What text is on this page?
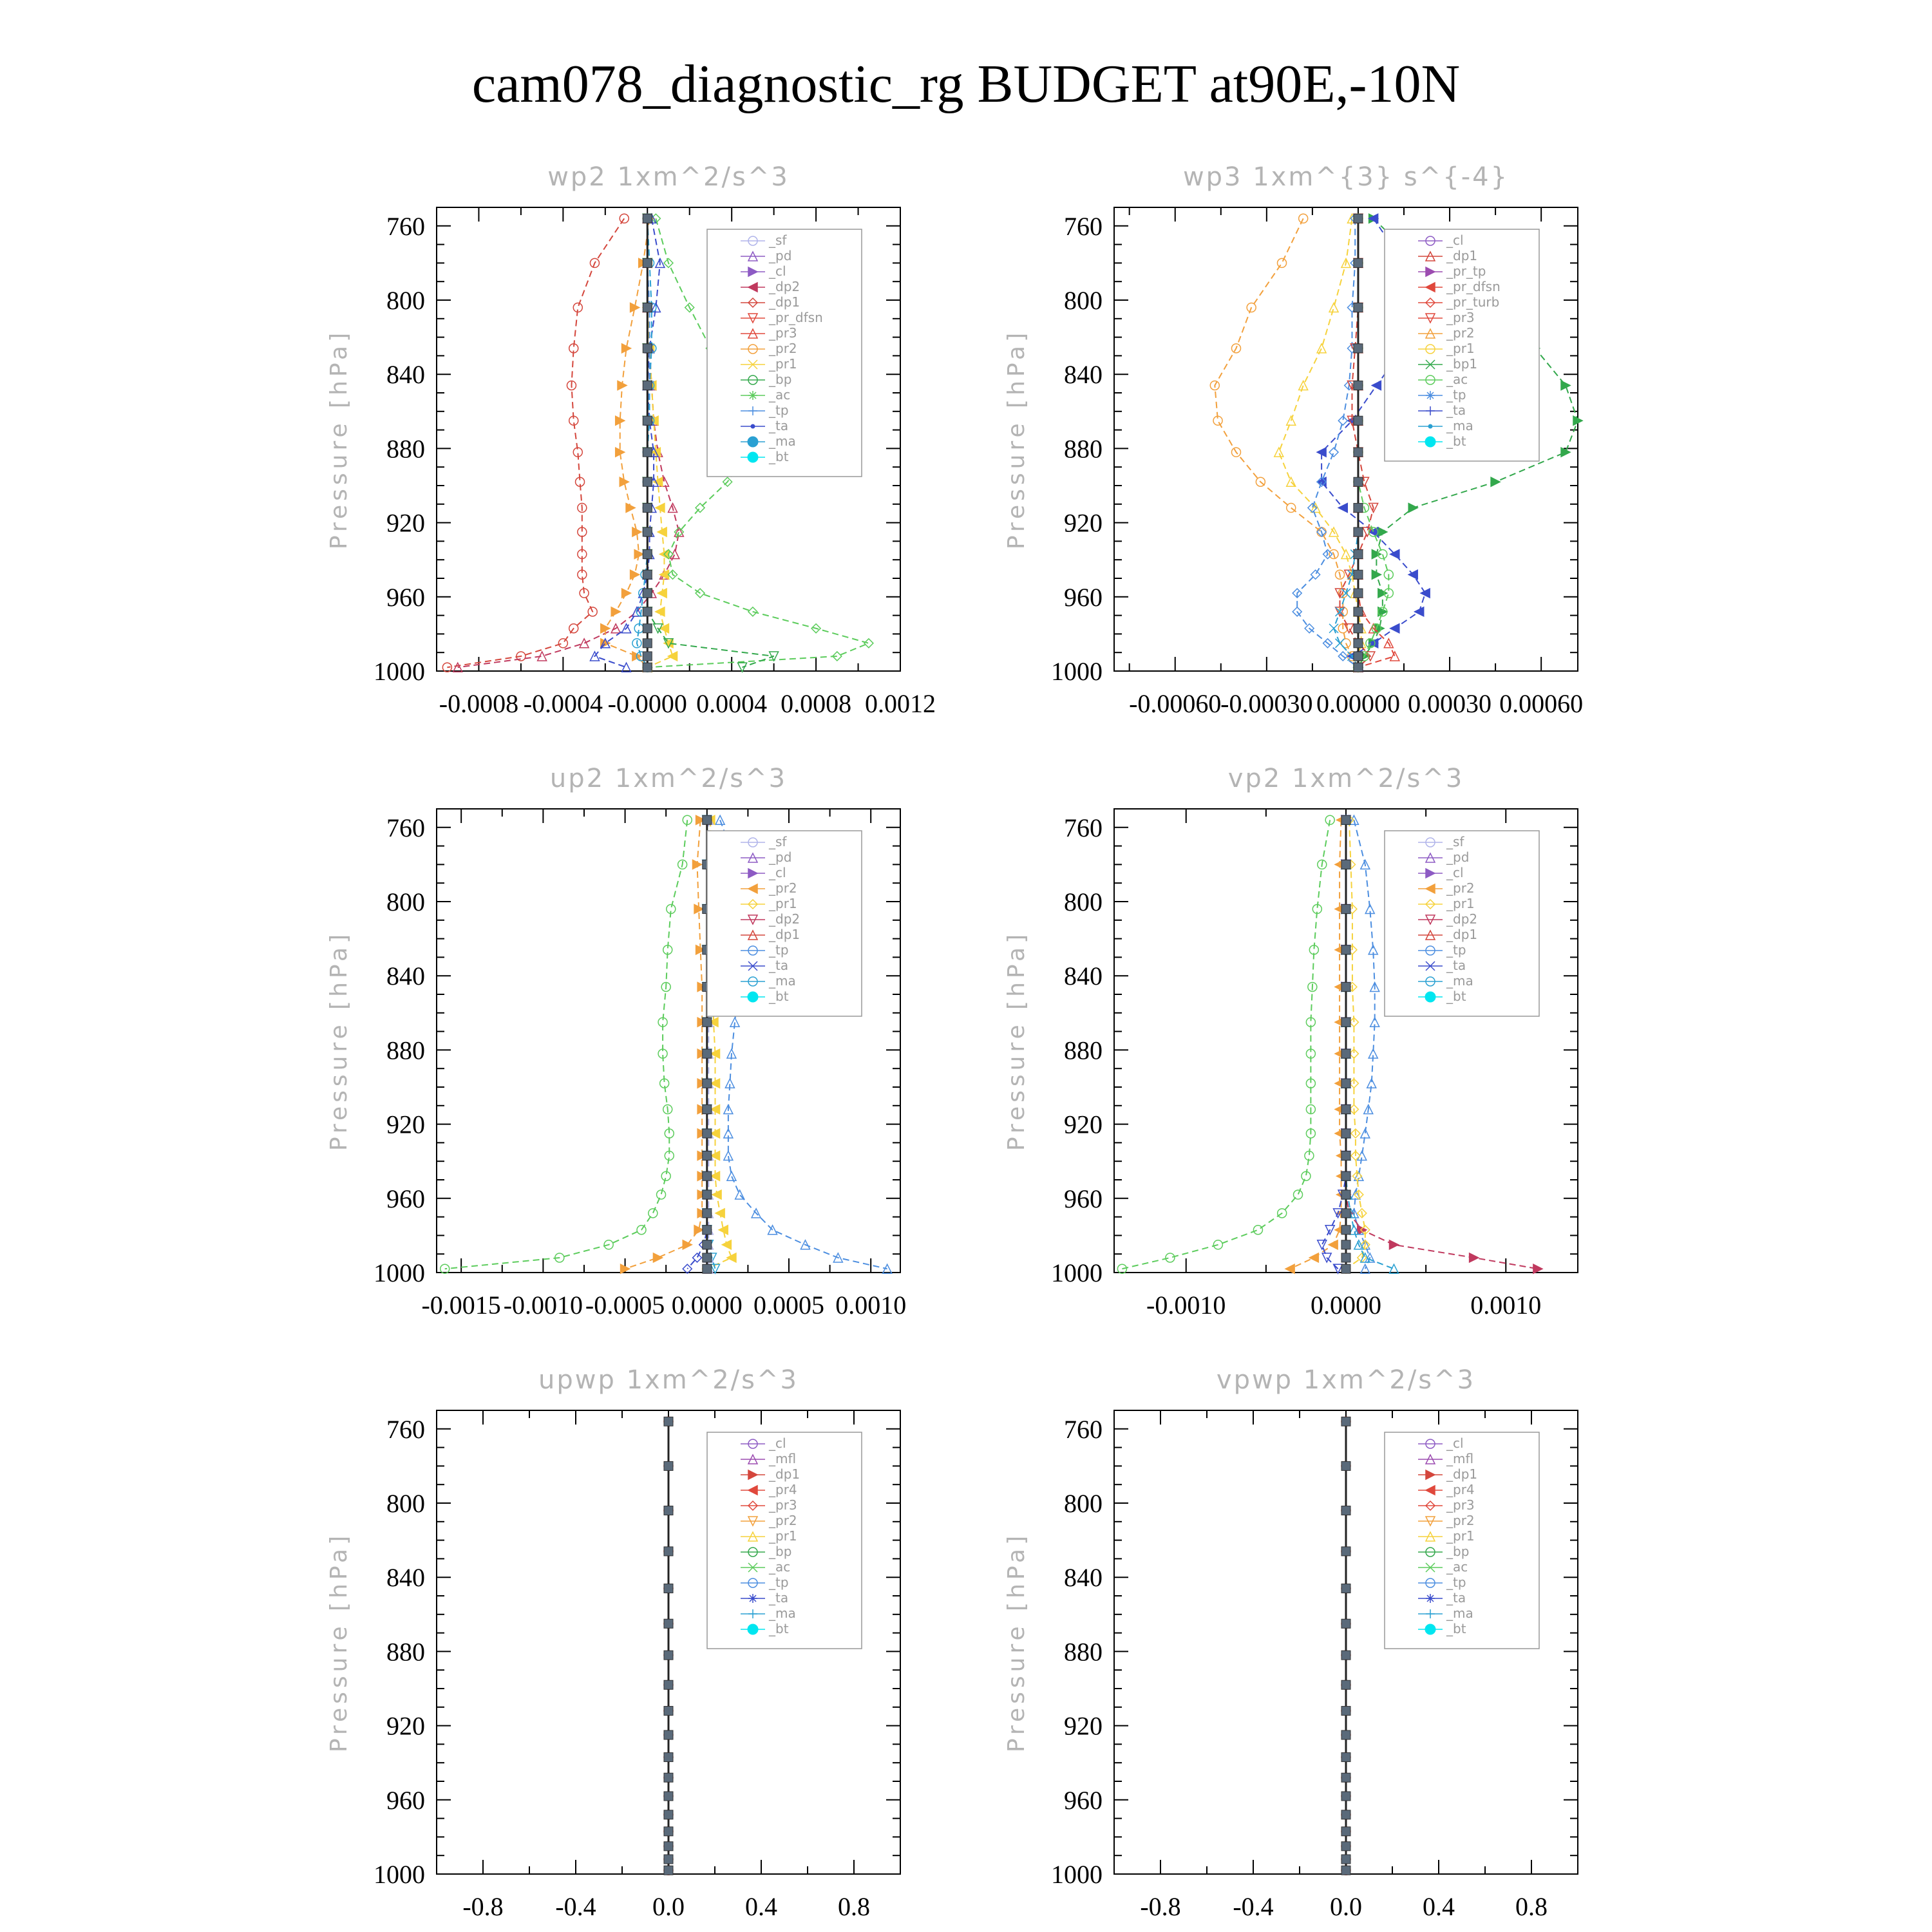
cam078_diagnostic_rg BUDGET at90E,-10N
wp2 1xm^2/s^3
Pressure [hPa]
760
800
840
880
920
960
1000
-0.0008 -0.0004 -0.0000 0.0004 0.0008 0.0012
_sf
_pd
_cl
_dp2
_dp1
_pr_dfsn
_pr3
_pr2
_pr1
_bp
_ac
_tp
_ta
_ma
_bt
wp3 1xm^{3} s^{-4}
Pressure [hPa]
760
800
840
880
920
960
1000
-0.00060
-0.00030 0.00000 0.00030 0.00060
_cl
_dp1
_pr_tp
_pr_dfsn
_pr_turb
_pr3
_pr2
_pr1
_bp1
_ac
_tp
_ta
_ma
_bt
up2 1xm^2/s^3
Pressure [hPa]
760
800
840
880
920
960
1000
-0.0015 -0.0010 -0.0005 0.0000 0.0005 0.0010
_sf
_pd
_cl
_pr2
_pr1
_dp2
_dp1
_tp
_ta
_ma
_bt
vp2 1xm^2/s^3
Pressure [hPa]
760
800
840
880
920
960
1000
-0.0010	0.0000	0.0010
_sf
_pd
_cl
_pr2
_pr1
_dp2
_dp1
_tp
_ta
_ma
_bt
upwp 1xm^2/s^3
Pressure [hPa]
760
800
840
880
920
960
1000
-0.8 -0.4 0.0 0.4 0.8
_cl
_mfl
_dp1
_pr4
_pr3
_pr2
_pr1
_bp
_ac
_tp
_ta
_ma
_bt
vpwp 1xm^2/s^3
Pressure [hPa]
760
800
840
880
920
960
1000
-0.8 -0.4 0.0 0.4 0.8
_cl
_mfl
_dp1
_pr4
_pr3
_pr2
_pr1
_bp
_ac
_tp
_ta
_ma
_bt
